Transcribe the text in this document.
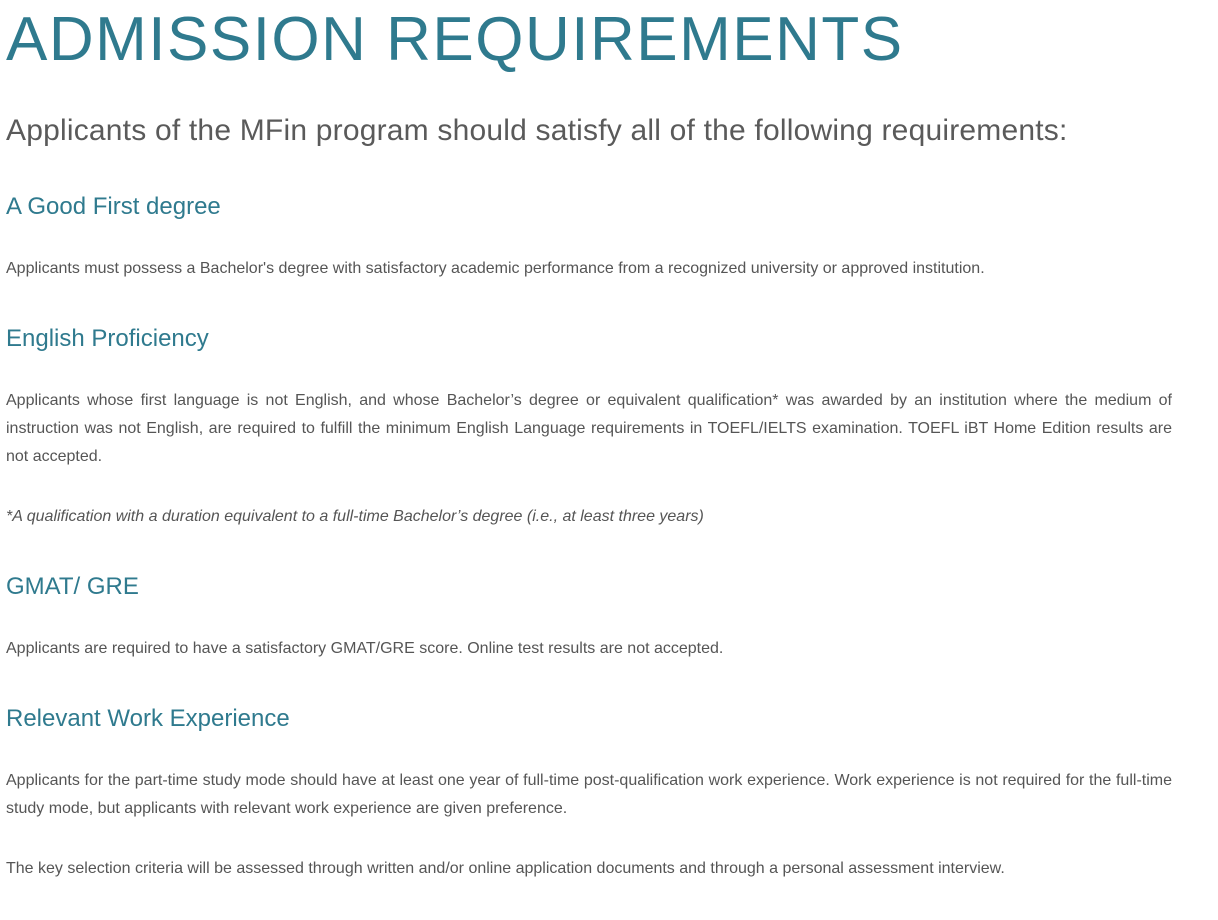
ADMISSION REQUIREMENTS

Applicants of the MFin program should satisfy all of the following requirements:

A Good First degree

Applicants must possess a Bachelor's degree with satisfactory academic performance from a recognized university or approved institution.

English Proficiency

Applicants whose first language is not English, and whose Bachelor’s degree or equivalent qualification* was awarded by an institution where the medium of instruction was not English, are required to fulfill the minimum English Language requirements in TOEFL/IELTS examination. TOEFL iBT Home Edition results are not accepted.

*A qualification with a duration equivalent to a full-time Bachelor’s degree (i.e., at least three years)

GMAT/ GRE

Applicants are required to have a satisfactory GMAT/GRE score. Online test results are not accepted.

Relevant Work Experience

Applicants for the part-time study mode should have at least one year of full-time post-qualification work experience. Work experience is not required for the full-time study mode, but applicants with relevant work experience are given preference.

The key selection criteria will be assessed through written and/or online application documents and through a personal assessment interview.
